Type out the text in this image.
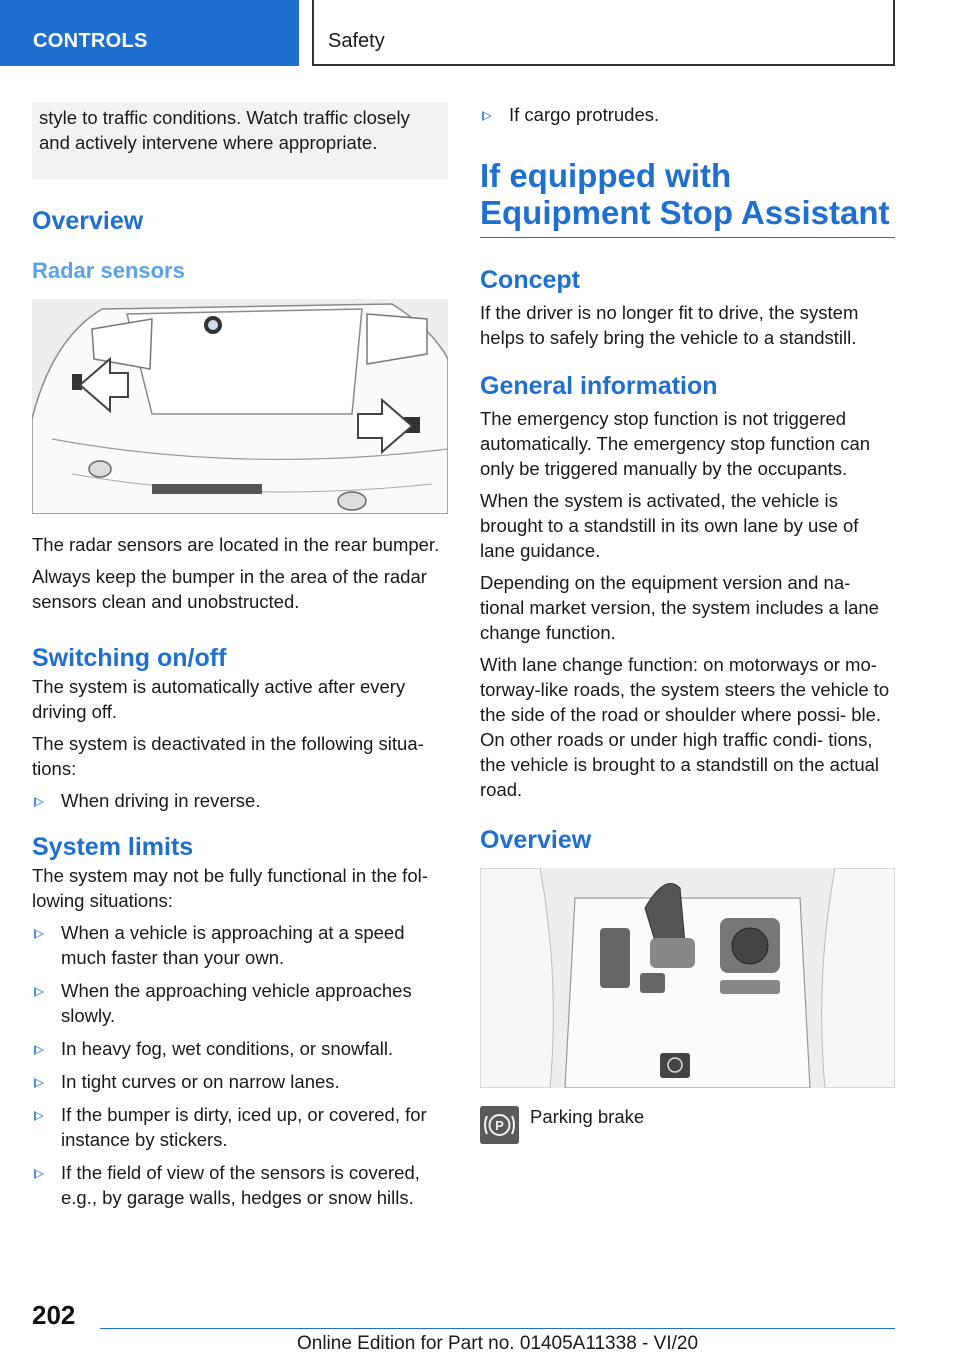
CONTROLS	Safety
style to traffic conditions. Watch traffic closely and actively intervene where appropriate.
Overview
Radar sensors

The radar sensors are located in the rear bumper.

Always keep the bumper in the area of the radar sensors clean and unobstructed.

Switching on/off

The system is automatically active after every driving off.

The system is deactivated in the following situa‐ tions:

When driving in reverse.
System limits

The system may not be fully functional in the fol‐ lowing situations:

When a vehicle is approaching at a speed much faster than your own.
When the approaching vehicle approaches slowly.
In heavy fog, wet conditions, or snowfall.
In tight curves or on narrow lanes.
If the bumper is dirty, iced up, or covered, for instance by stickers.
If the field of view of the sensors is covered, e.g., by garage walls, hedges or snow hills.
If cargo protrudes.
If equipped with Equipment Stop Assistant
Concept

If the driver is no longer fit to drive, the system helps to safely bring the vehicle to a standstill.

General information

The emergency stop function is not triggered automatically. The emergency stop function can only be triggered manually by the occupants.

When the system is activated, the vehicle is brought to a standstill in its own lane by use of lane guidance.

Depending on the equipment version and na‐ tional market version, the system includes a lane change function.

With lane change function: on motorways or mo‐ torway-like roads, the system steers the vehicle to the side of the road or shoulder where possi‐ ble. On other roads or under high traffic condi‐ tions, the vehicle is brought to a standstill on the actual road.

Overview
P Parking brake
202
Online Edition for Part no. 01405A11338 - VI/20
